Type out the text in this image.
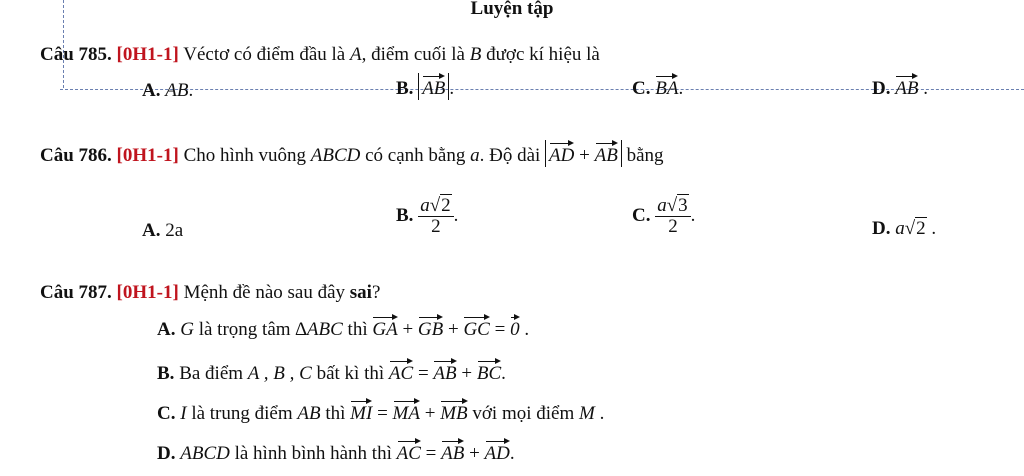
Luyện tập
Câu 785. [0H1-1] Véctơ có điểm đầu là A, điểm cuối là B được kí hiệu là
A. AB.	B. AB .	C. BA.	D. AB .
Câu 786. [0H1-1] Cho hình vuông ABCD có cạnh bằng a. Độ dài AD + AB bằng
A. 2a
B. $\frac{a√2}{2}$ .	C. $\frac{a√3}{2}$ .
D. a√2 .
Câu 787. [0H1-1] Mệnh đề nào sau đây sai?
A. G là trọng tâm ∆ABC thì GA + GB + GC = 0 .
B. Ba điểm A , B , C bất kì thì AC = AB + BC.
C. I là trung điểm AB thì MI = MA + MB với mọi điểm M .
D. ABCD là hình bình hành thì AC = AB + AD.
